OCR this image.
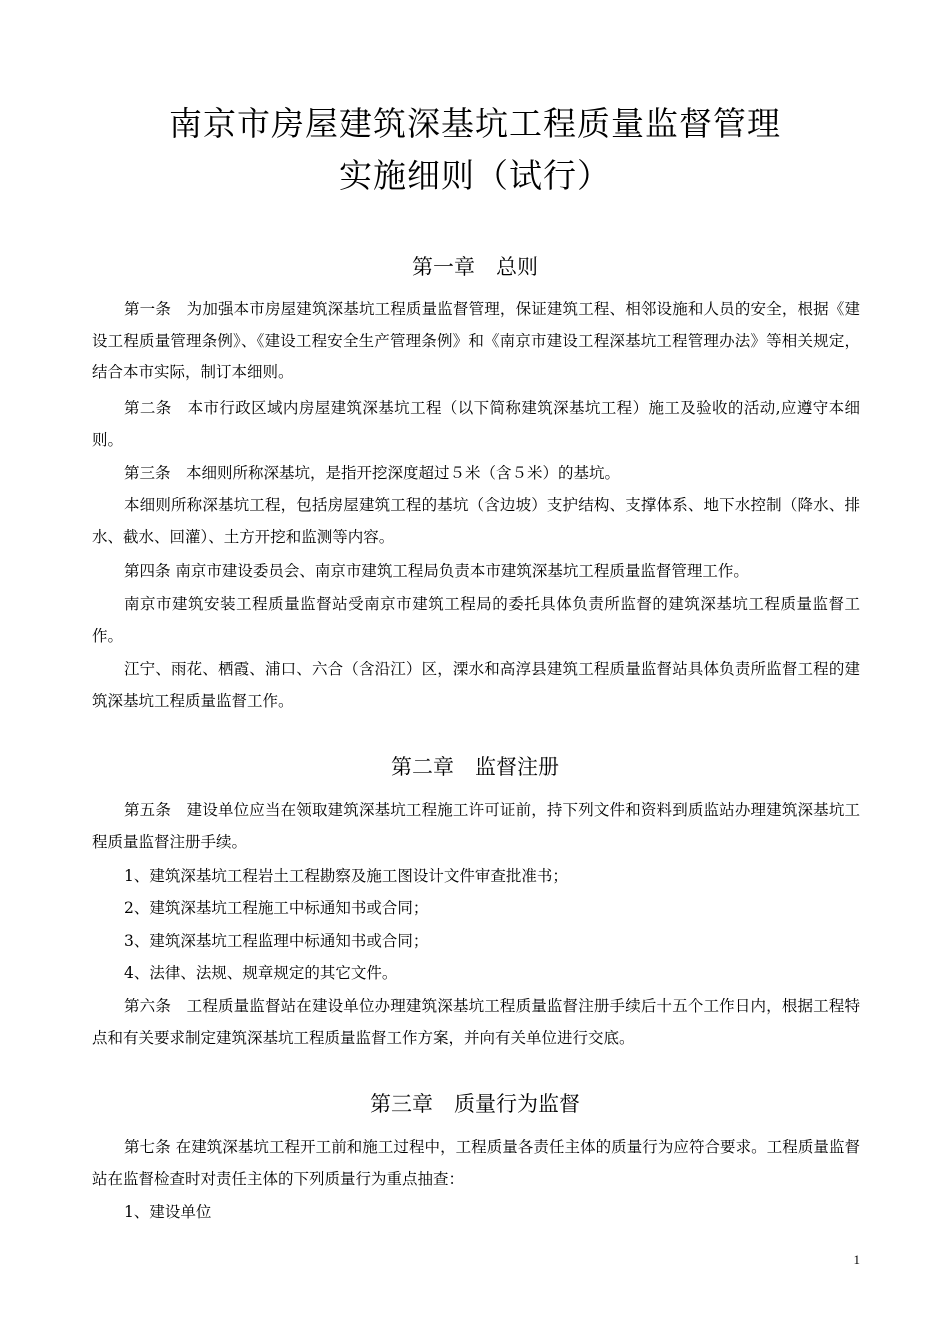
南京市房屋建筑深基坑工程质量监督管理
实施细则（试行）
第一章　总则

第一条　为加强本市房屋建筑深基坑工程质量监督管理，保证建筑工程、相邻设施和人员的安全，根据《建设工程质量管理条例》、《建设工程安全生产管理条例》和《南京市建设工程深基坑工程管理办法》等相关规定，结合本市实际，制订本细则。

第二条　本市行政区域内房屋建筑深基坑工程（以下简称建筑深基坑工程）施工及验收的活动,应遵守本细则。

第三条　本细则所称深基坑，是指开挖深度超过５米（含５米）的基坑。

本细则所称深基坑工程，包括房屋建筑工程的基坑（含边坡）支护结构、支撑体系、地下水控制（降水、排水、截水、回灌）、土方开挖和监测等内容。

第四条 南京市建设委员会、南京市建筑工程局负责本市建筑深基坑工程质量监督管理工作。

南京市建筑安装工程质量监督站受南京市建筑工程局的委托具体负责所监督的建筑深基坑工程质量监督工作。

江宁、雨花、栖霞、浦口、六合（含沿江）区，溧水和高淳县建筑工程质量监督站具体负责所监督工程的建筑深基坑工程质量监督工作。

第二章　监督注册

第五条　建设单位应当在领取建筑深基坑工程施工许可证前，持下列文件和资料到质监站办理建筑深基坑工程质量监督注册手续。

1、建筑深基坑工程岩土工程勘察及施工图设计文件审查批准书；

2、建筑深基坑工程施工中标通知书或合同；

3、建筑深基坑工程监理中标通知书或合同；

4、法律、法规、规章规定的其它文件。

第六条　工程质量监督站在建设单位办理建筑深基坑工程质量监督注册手续后十五个工作日内，根据工程特点和有关要求制定建筑深基坑工程质量监督工作方案，并向有关单位进行交底。

第三章　质量行为监督

第七条 在建筑深基坑工程开工前和施工过程中，工程质量各责任主体的质量行为应符合要求。工程质量监督站在监督检查时对责任主体的下列质量行为重点抽查：

1、建设单位

1
